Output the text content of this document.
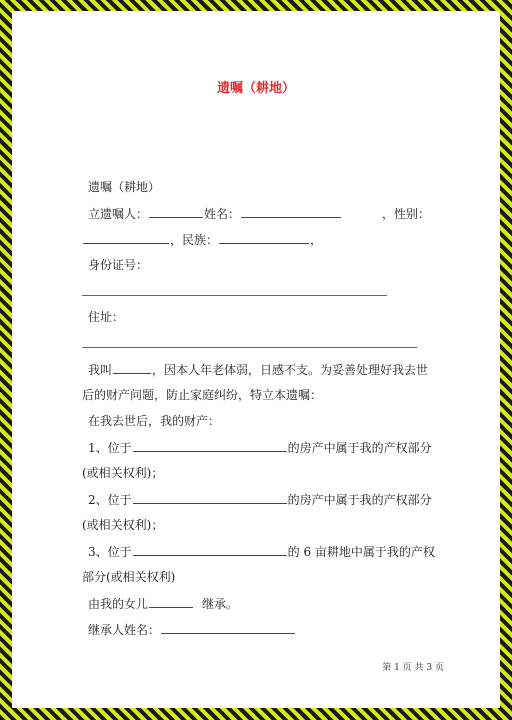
遗嘱（耕地）
遗嘱（耕地）
立遗嘱人：	姓名：	，性别：
，民族：	，
身份证号：
住址：
我叫	，因本人年老体弱，日感不支。为妥善处理好我去世
后的财产问题，防止家庭纠纷，特立本遗嘱：
在我去世后，我的财产：
1、位于	的房产中属于我的产权部分
(或相关权利)；
2、位于	的房产中属于我的产权部分
(或相关权利)；
3、位于	的 6 亩耕地中属于我的产权
部分(或相关权利)
由我的女儿	继承。
继承人姓名：
第 1 页 共 3 页
